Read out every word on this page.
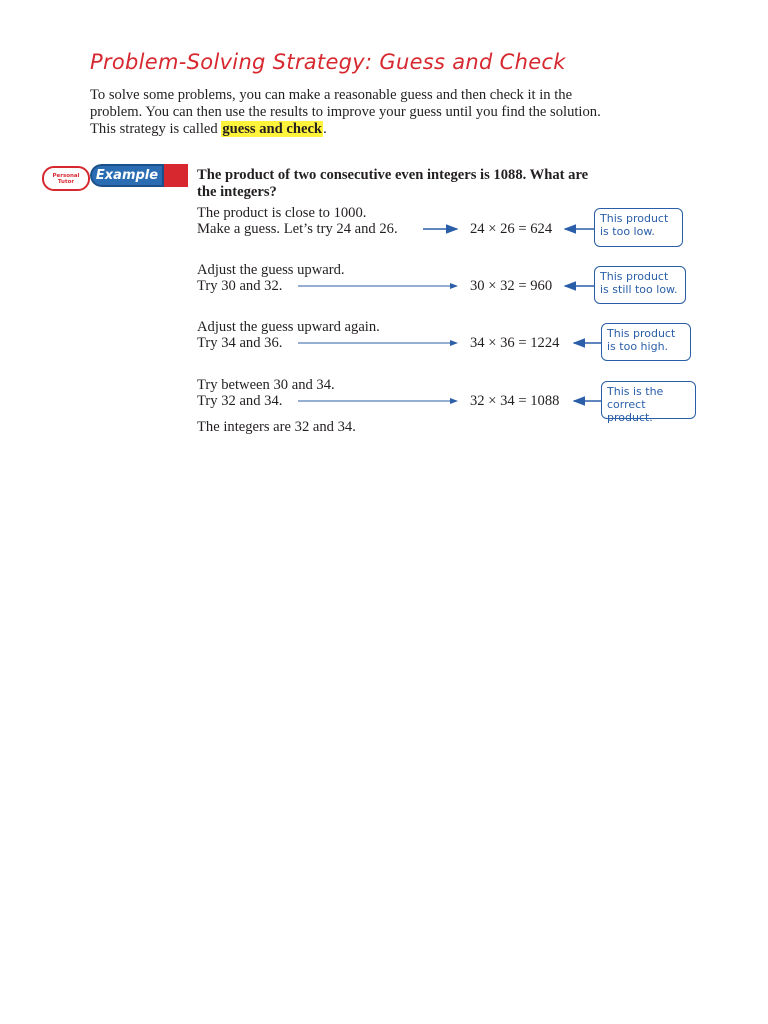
Problem-Solving Strategy: Guess and Check
To solve some problems, you can make a reasonable guess and then check it in the problem. You can then use the results to improve your guess until you find the solution. This strategy is called guess and check.
Personal
Tutor	Example	The product of two consecutive even integers is 1088. What are the integers?
The product is close to 1000.
Make a guess. Let’s try 24 and 26.	24 × 26 = 624
This product is too low.
Adjust the guess upward.
Try 30 and 32.	30 × 32 = 960
This product is still too low.
Adjust the guess upward again.
Try 34 and 36.	34 × 36 = 1224
This product is too high.
Try between 30 and 34.
Try 32 and 34.	32 × 34 = 1088
This is the correct product.
The integers are 32 and 34.
